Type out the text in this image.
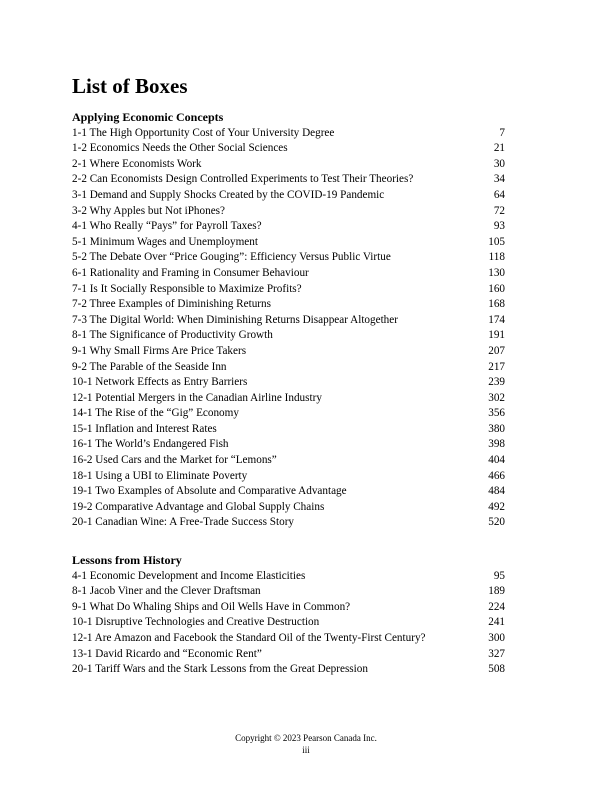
List of Boxes
Applying Economic Concepts
1-1 The High Opportunity Cost of Your University Degree	7
1-2 Economics Needs the Other Social Sciences	21
2-1 Where Economists Work	30
2-2 Can Economists Design Controlled Experiments to Test Their Theories?	34
3-1 Demand and Supply Shocks Created by the COVID-19 Pandemic	64
3-2 Why Apples but Not iPhones?	72
4-1 Who Really “Pays” for Payroll Taxes?	93
5-1 Minimum Wages and Unemployment	105
5-2 The Debate Over “Price Gouging”: Efficiency Versus Public Virtue	118
6-1 Rationality and Framing in Consumer Behaviour	130
7-1 Is It Socially Responsible to Maximize Profits?	160
7-2 Three Examples of Diminishing Returns	168
7-3 The Digital World: When Diminishing Returns Disappear Altogether	174
8-1 The Significance of Productivity Growth	191
9-1 Why Small Firms Are Price Takers	207
9-2 The Parable of the Seaside Inn	217
10-1 Network Effects as Entry Barriers	239
12-1 Potential Mergers in the Canadian Airline Industry	302
14-1 The Rise of the “Gig” Economy	356
15-1 Inflation and Interest Rates	380
16-1 The World’s Endangered Fish	398
16-2 Used Cars and the Market for “Lemons”	404
18-1 Using a UBI to Eliminate Poverty	466
19-1 Two Examples of Absolute and Comparative Advantage	484
19-2 Comparative Advantage and Global Supply Chains	492
20-1 Canadian Wine: A Free-Trade Success Story	520
Lessons from History
4-1 Economic Development and Income Elasticities	95
8-1 Jacob Viner and the Clever Draftsman	189
9-1 What Do Whaling Ships and Oil Wells Have in Common?	224
10-1 Disruptive Technologies and Creative Destruction	241
12-1 Are Amazon and Facebook the Standard Oil of the Twenty-First Century?	300
13-1 David Ricardo and “Economic Rent”	327
20-1 Tariff Wars and the Stark Lessons from the Great Depression	508
Copyright © 2023 Pearson Canada Inc.
iii
